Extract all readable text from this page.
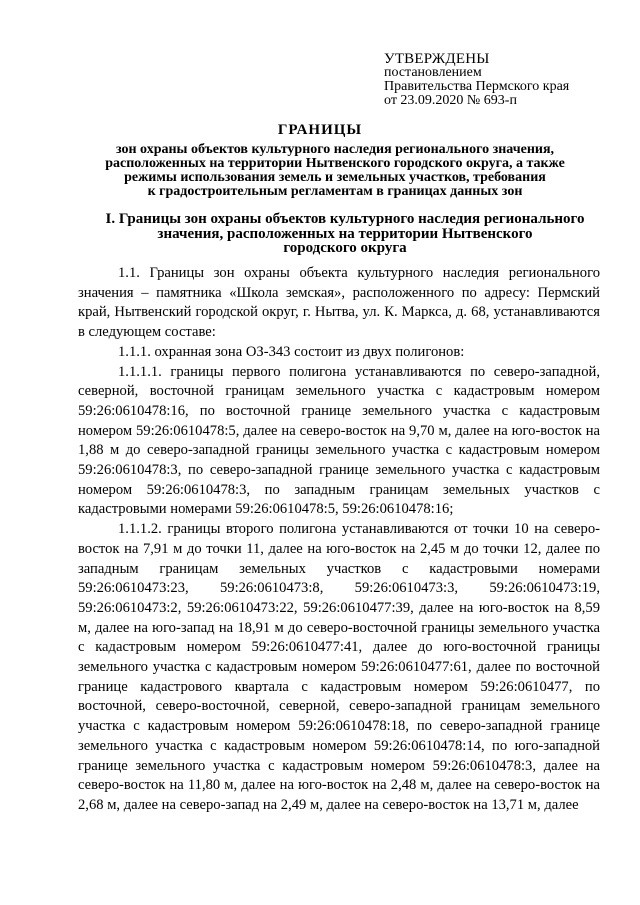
УТВЕРЖДЕНЫ
постановлением
Правительства Пермского края
от 23.09.2020 № 693-п
ГРАНИЦЫ
зон охраны объектов культурного наследия регионального значения,
расположенных на территории Нытвенского городского округа, а также
режимы использования земель и земельных участков, требования
к градостроительным регламентам в границах данных зон
I. Границы зон охраны объектов культурного наследия регионального
значения, расположенных на территории Нытвенского
городского округа

1.1. Границы зон охраны объекта культурного наследия регионального значения – памятника «Школа земская», расположенного по адресу: Пермский край, Нытвенский городской округ, г. Нытва, ул. К. Маркса, д. 68, устанавливаются в следующем составе:

1.1.1. охранная зона ОЗ-343 состоит из двух полигонов:

1.1.1.1. границы первого полигона устанавливаются по северо-западной, северной, восточной границам земельного участка с кадастровым номером 59:26:0610478:16, по восточной границе земельного участка с кадастровым номером 59:26:0610478:5, далее на северо-восток на 9,70 м, далее на юго-восток на 1,88 м до северо-западной границы земельного участка с кадастровым номером 59:26:0610478:3, по северо-западной границе земельного участка с кадастровым номером 59:26:0610478:3, по западным границам земельных участков с кадастровыми номерами 59:26:0610478:5, 59:26:0610478:16;

1.1.1.2. границы второго полигона устанавливаются от точки 10 на северо-восток на 7,91 м до точки 11, далее на юго-восток на 2,45 м до точки 12, далее по западным границам земельных участков с кадастровыми номерами 59:26:0610473:23, 59:26:0610473:8, 59:26:0610473:3, 59:26:0610473:19, 59:26:0610473:2, 59:26:0610473:22, 59:26:0610477:39, далее на юго-восток на 8,59 м, далее на юго-запад на 18,91 м до северо-восточной границы земельного участка с кадастровым номером 59:26:0610477:41, далее до юго-восточной границы земельного участка с кадастровым номером 59:26:0610477:61, далее по восточной границе кадастрового квартала с кадастровым номером 59:26:0610477, по восточной, северо-восточной, северной, северо-западной границам земельного участка с кадастровым номером 59:26:0610478:18, по северо-западной границе земельного участка с кадастровым номером 59:26:0610478:14, по юго-западной границе земельного участка с кадастровым номером 59:26:0610478:3, далее на северо-восток на 11,80 м, далее на юго-восток на 2,48 м, далее на северо-восток на 2,68 м, далее на северо-запад на 2,49 м, далее на северо-восток на 13,71 м, далее
